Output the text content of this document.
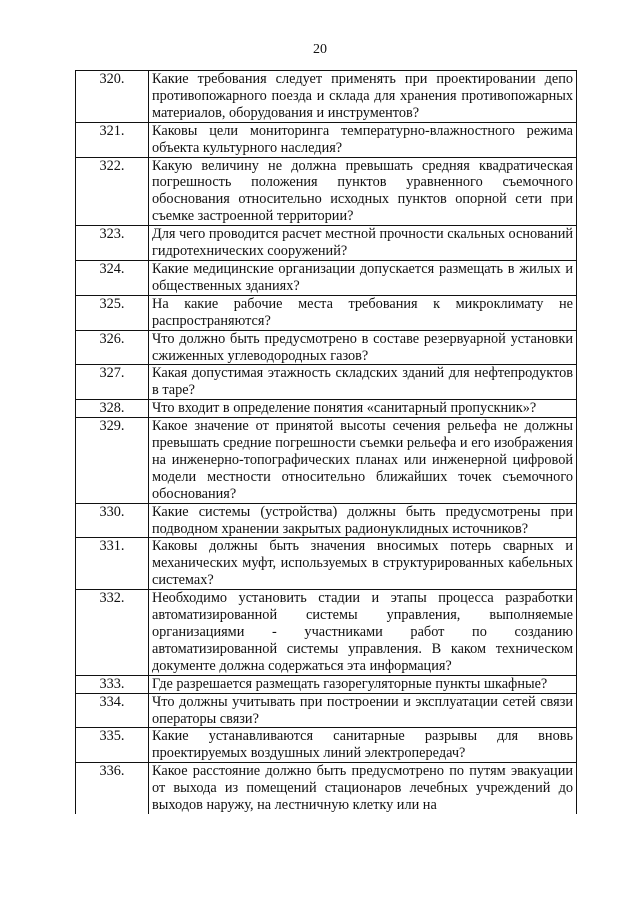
20
320.	Какие требования следует применять при проектировании депо противопожарного поезда и склада для хранения противопожарных материалов, оборудования и инструментов?
321.	Каковы цели мониторинга температурно-влажностного режима объекта культурного наследия?
322.	Какую величину не должна превышать средняя квадратическая погрешность положения пунктов уравненного съемочного обоснования относительно исходных пунктов опорной сети при съемке застроенной территории?
323.	Для чего проводится расчет местной прочности скальных оснований гидротехнических сооружений?
324.	Какие медицинские организации допускается размещать в жилых и общественных зданиях?
325.	На какие рабочие места требования к микроклимату не распространяются?
326.	Что должно быть предусмотрено в составе резервуарной установки сжиженных углеводородных газов?
327.	Какая допустимая этажность складских зданий для нефтепродуктов в таре?
328.	Что входит в определение понятия «санитарный пропускник»?
329.	Какое значение от принятой высоты сечения рельефа не должны превышать средние погрешности съемки рельефа и его изображения на инженерно-топографических планах или инженерной цифровой модели местности относительно ближайших точек съемочного обоснования?
330.	Какие системы (устройства) должны быть предусмотрены при подводном хранении закрытых радионуклидных источников?
331.	Каковы должны быть значения вносимых потерь сварных и механических муфт, используемых в структурированных кабельных системах?
332.	Необходимо установить стадии и этапы процесса разработки автоматизированной системы управления, выполняемые организациями - участниками работ по созданию автоматизированной системы управления. В каком техническом документе должна содержаться эта информация?
333.	Где разрешается размещать газорегуляторные пункты шкафные?
334.	Что должны учитывать при построении и эксплуатации сетей связи операторы связи?
335.	Какие устанавливаются санитарные разрывы для вновь проектируемых воздушных линий электропередач?
336.	Какое расстояние должно быть предусмотрено по путям эвакуации от выхода из помещений стационаров лечебных учреждений до выходов наружу, на лестничную клетку или на
